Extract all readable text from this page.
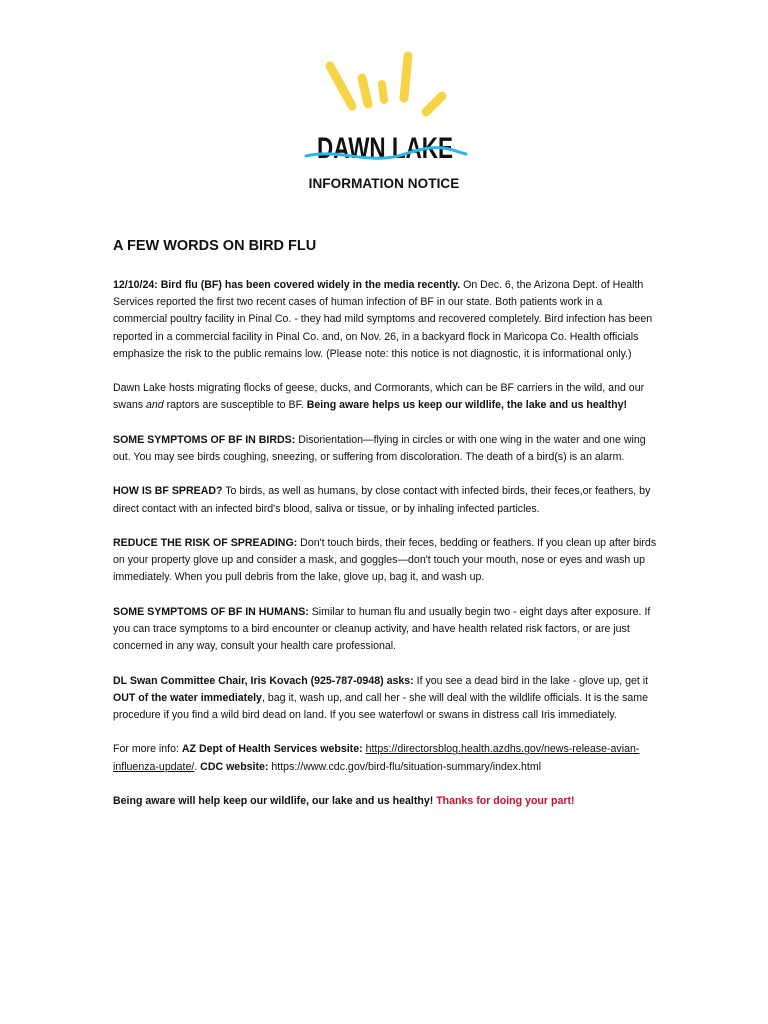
DAWN LAKE
INFORMATION NOTICE
A FEW WORDS ON BIRD FLU

12/10/24: Bird flu (BF) has been covered widely in the media recently. On Dec. 6, the Arizona Dept. of Health Services reported the first two recent cases of human infection of BF in our state. Both patients work in a commercial poultry facility in Pinal Co. - they had mild symptoms and recovered completely. Bird infection has been reported in a commercial facility in Pinal Co. and, on Nov. 26, in a backyard flock in Maricopa Co. Health officials emphasize the risk to the public remains low. (Please note: this notice is not diagnostic, it is informational only.)

Dawn Lake hosts migrating flocks of geese, ducks, and Cormorants, which can be BF carriers in the wild, and our swans and raptors are susceptible to BF. Being aware helps us keep our wildlife, the lake and us healthy!

SOME SYMPTOMS OF BF IN BIRDS: Disorientation—flying in circles or with one wing in the water and one wing out. You may see birds coughing, sneezing, or suffering from discoloration. The death of a bird(s) is an alarm.

HOW IS BF SPREAD? To birds, as well as humans, by close contact with infected birds, their feces,or feathers, by direct contact with an infected bird's blood, saliva or tissue, or by inhaling infected particles.

REDUCE THE RISK OF SPREADING: Don't touch birds, their feces, bedding or feathers. If you clean up after birds on your property glove up and consider a mask, and goggles—don't touch your mouth, nose or eyes and wash up immediately. When you pull debris from the lake, glove up, bag it, and wash up.

SOME SYMPTOMS OF BF IN HUMANS: Similar to human flu and usually begin two - eight days after exposure. If you can trace symptoms to a bird encounter or cleanup activity, and have health related risk factors, or are just concerned in any way, consult your health care professional.

DL Swan Committee Chair, Iris Kovach (925-787-0948) asks: If you see a dead bird in the lake - glove up, get it OUT of the water immediately, bag it, wash up, and call her - she will deal with the wildlife officials. It is the same procedure if you find a wild bird dead on land. If you see waterfowl or swans in distress call Iris immediately.

For more info: AZ Dept of Health Services website: https://directorsblog.health.azdhs.gov/news-release-avian-influenza-update/. CDC website: https://www.cdc.gov/bird-flu/situation-summary/index.html

Being aware will help keep our wildlife, our lake and us healthy! Thanks for doing your part!
